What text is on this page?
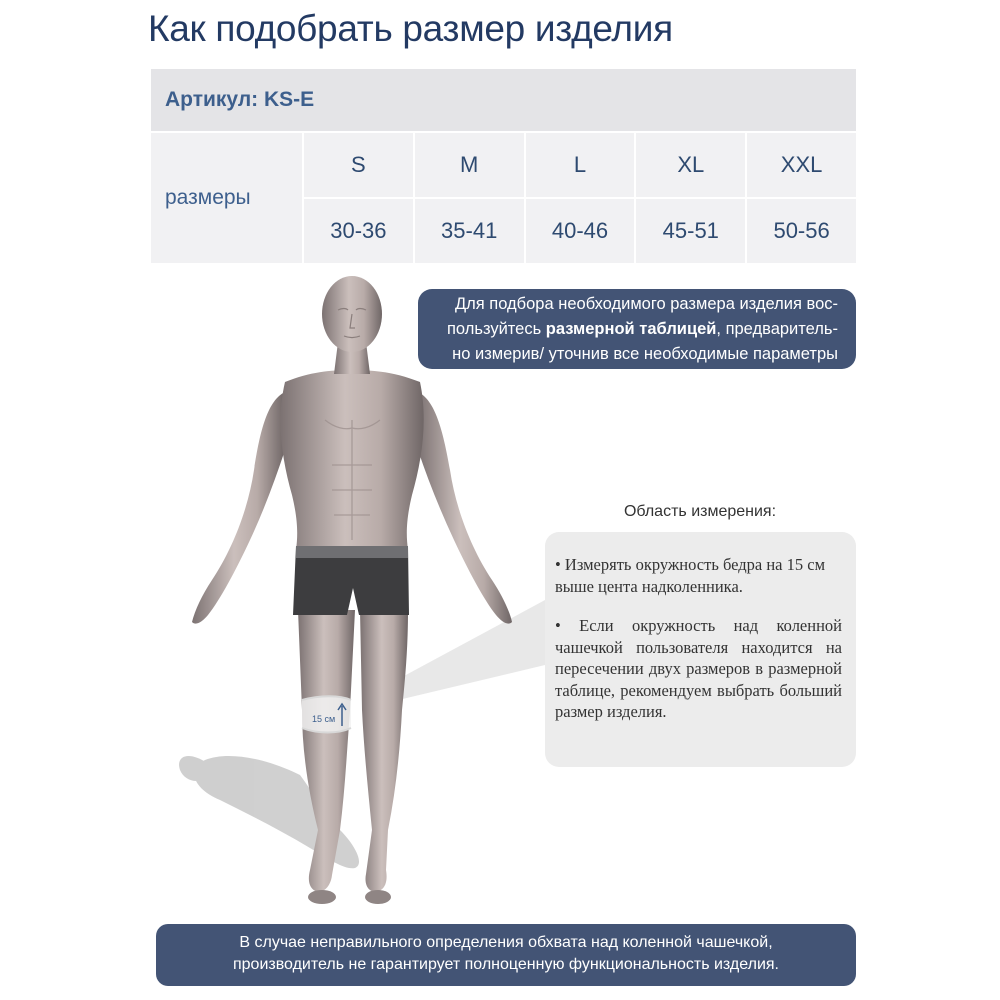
Как подобрать размер изделия
Артикул: KS-E					
размеры	S	M	L	XL	XXL
	30-36	35-41	40-46	45-51	50-56
15 см
Для подбора необходимого размера изделия вос-
пользуйтесь размерной таблицей, предваритель-
но измерив/ уточнив все необходимые параметры
Область измерения:

• Измерять окружность бедра на 15 см выше цента надколенника.

• Если окружность над коленной чашечкой пользователя находится на пересечении двух размеров в размерной таблице, рекомендуем выбрать больший размер изделия.

В случае неправильного определения обхвата над коленной чашечкой,
производитель не гарантирует полноценную функциональность изделия.
